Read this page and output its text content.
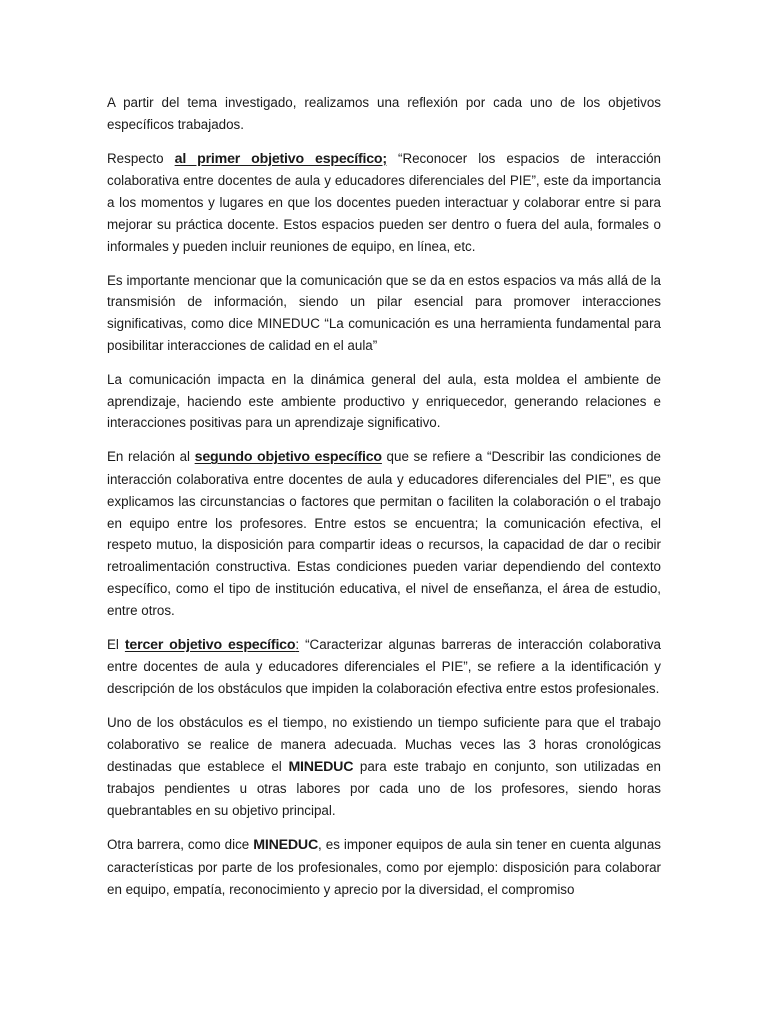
A partir del tema investigado, realizamos una reflexión por cada uno de los objetivos específicos trabajados.

Respecto al primer objetivo específico; “Reconocer los espacios de interacción colaborativa entre docentes de aula y educadores diferenciales del PIE”, este da importancia a los momentos y lugares en que los docentes pueden interactuar y colaborar entre si para mejorar su práctica docente. Estos espacios pueden ser dentro o fuera del aula, formales o informales y pueden incluir reuniones de equipo, en línea, etc.

Es importante mencionar que la comunicación que se da en estos espacios va más allá de la transmisión de información, siendo un pilar esencial para promover interacciones significativas, como dice MINEDUC “La comunicación es una herramienta fundamental para posibilitar interacciones de calidad en el aula”

La comunicación impacta en la dinámica general del aula, esta moldea el ambiente de aprendizaje, haciendo este ambiente productivo y enriquecedor, generando relaciones e interacciones positivas para un aprendizaje significativo.

En relación al segundo objetivo específico que se refiere a “Describir las condiciones de interacción colaborativa entre docentes de aula y educadores diferenciales del PIE”, es que explicamos las circunstancias o factores que permitan o faciliten la colaboración o el trabajo en equipo entre los profesores. Entre estos se encuentra; la comunicación efectiva, el respeto mutuo, la disposición para compartir ideas o recursos, la capacidad de dar o recibir retroalimentación constructiva. Estas condiciones pueden variar dependiendo del contexto específico, como el tipo de institución educativa, el nivel de enseñanza, el área de estudio, entre otros.

El tercer objetivo específico: “Caracterizar algunas barreras de interacción colaborativa entre docentes de aula y educadores diferenciales el PIE”, se refiere a la identificación y descripción de los obstáculos que impiden la colaboración efectiva entre estos profesionales.

Uno de los obstáculos es el tiempo, no existiendo un tiempo suficiente para que el trabajo colaborativo se realice de manera adecuada. Muchas veces las 3 horas cronológicas destinadas que establece el MINEDUC para este trabajo en conjunto, son utilizadas en trabajos pendientes u otras labores por cada uno de los profesores, siendo horas quebrantables en su objetivo principal.

Otra barrera, como dice MINEDUC, es imponer equipos de aula sin tener en cuenta algunas características por parte de los profesionales, como por ejemplo: disposición para colaborar en equipo, empatía, reconocimiento y aprecio por la diversidad, el compromiso
